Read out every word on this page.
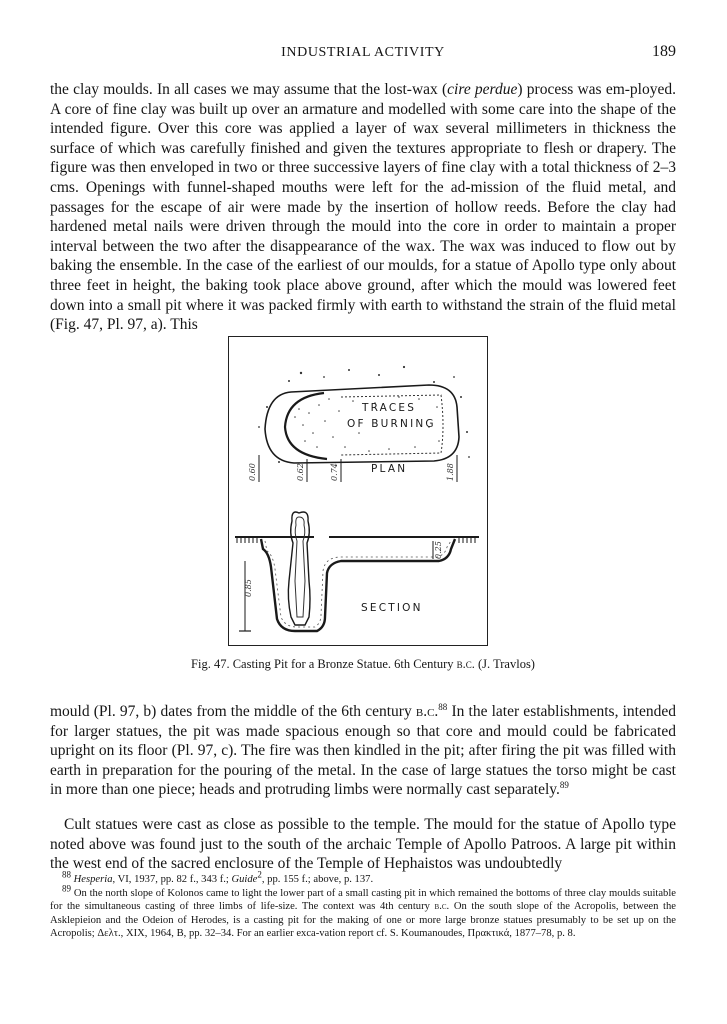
INDUSTRIAL ACTIVITY	189
the clay moulds. In all cases we may assume that the lost-wax (cire perdue) process was em-ployed. A core of fine clay was built up over an armature and modelled with some care into the shape of the intended figure. Over this core was applied a layer of wax several millimeters in thickness the surface of which was carefully finished and given the textures appropriate to flesh or drapery. The figure was then enveloped in two or three successive layers of fine clay with a total thickness of 2–3 cms. Openings with funnel-shaped mouths were left for the ad-mission of the fluid metal, and passages for the escape of air were made by the insertion of hollow reeds. Before the clay had hardened metal nails were driven through the mould into the core in order to maintain a proper interval between the two after the disappearance of the wax. The wax was induced to flow out by baking the ensemble. In the case of the earliest of our moulds, for a statue of Apollo type only about three feet in height, the baking took place above ground, after which the mould was lowered feet down into a small pit where it was packed firmly with earth to withstand the strain of the fluid metal (Fig. 47, Pl. 97, a). This
TRACES
OF BURNING
0.60	0.62	0.74	1.88
PLAN
0.85
0.25
SECTION
Fig. 47. Casting Pit for a Bronze Statue. 6th Century b.c. (J. Travlos)
mould (Pl. 97, b) dates from the middle of the 6th century b.c.$^{88}$ In the later establishments, intended for larger statues, the pit was made spacious enough so that core and mould could be fabricated upright on its floor (Pl. 97, c). The fire was then kindled in the pit; after firing the pit was filled with earth in preparation for the pouring of the metal. In the case of large statues the torso might be cast in more than one piece; heads and protruding limbs were normally cast separately.$^{89}$
Cult statues were cast as close as possible to the temple. The mould for the statue of Apollo type noted above was found just to the south of the archaic Temple of Apollo Patroos. A large pit within the west end of the sacred enclosure of the Temple of Hephaistos was undoubtedly

$^{88}$ Hesperia, VI, 1937, pp. 82 f., 343 f.; Guide$^2$, pp. 155 f.; above, p. 137.

$^{89}$ On the north slope of Kolonos came to light the lower part of a small casting pit in which remained the bottoms of three clay moulds suitable for the simultaneous casting of three limbs of life-size. The context was 4th century b.c. On the south slope of the Acropolis, between the Asklepieion and the Odeion of Herodes, is a casting pit for the making of one or more large bronze statues presumably to be set up on the Acropolis; Δελτ., XIX, 1964, B, pp. 32–34. For an earlier exca-vation report cf. S. Koumanoudes, Πρακτικά, 1877–78, p. 8.
